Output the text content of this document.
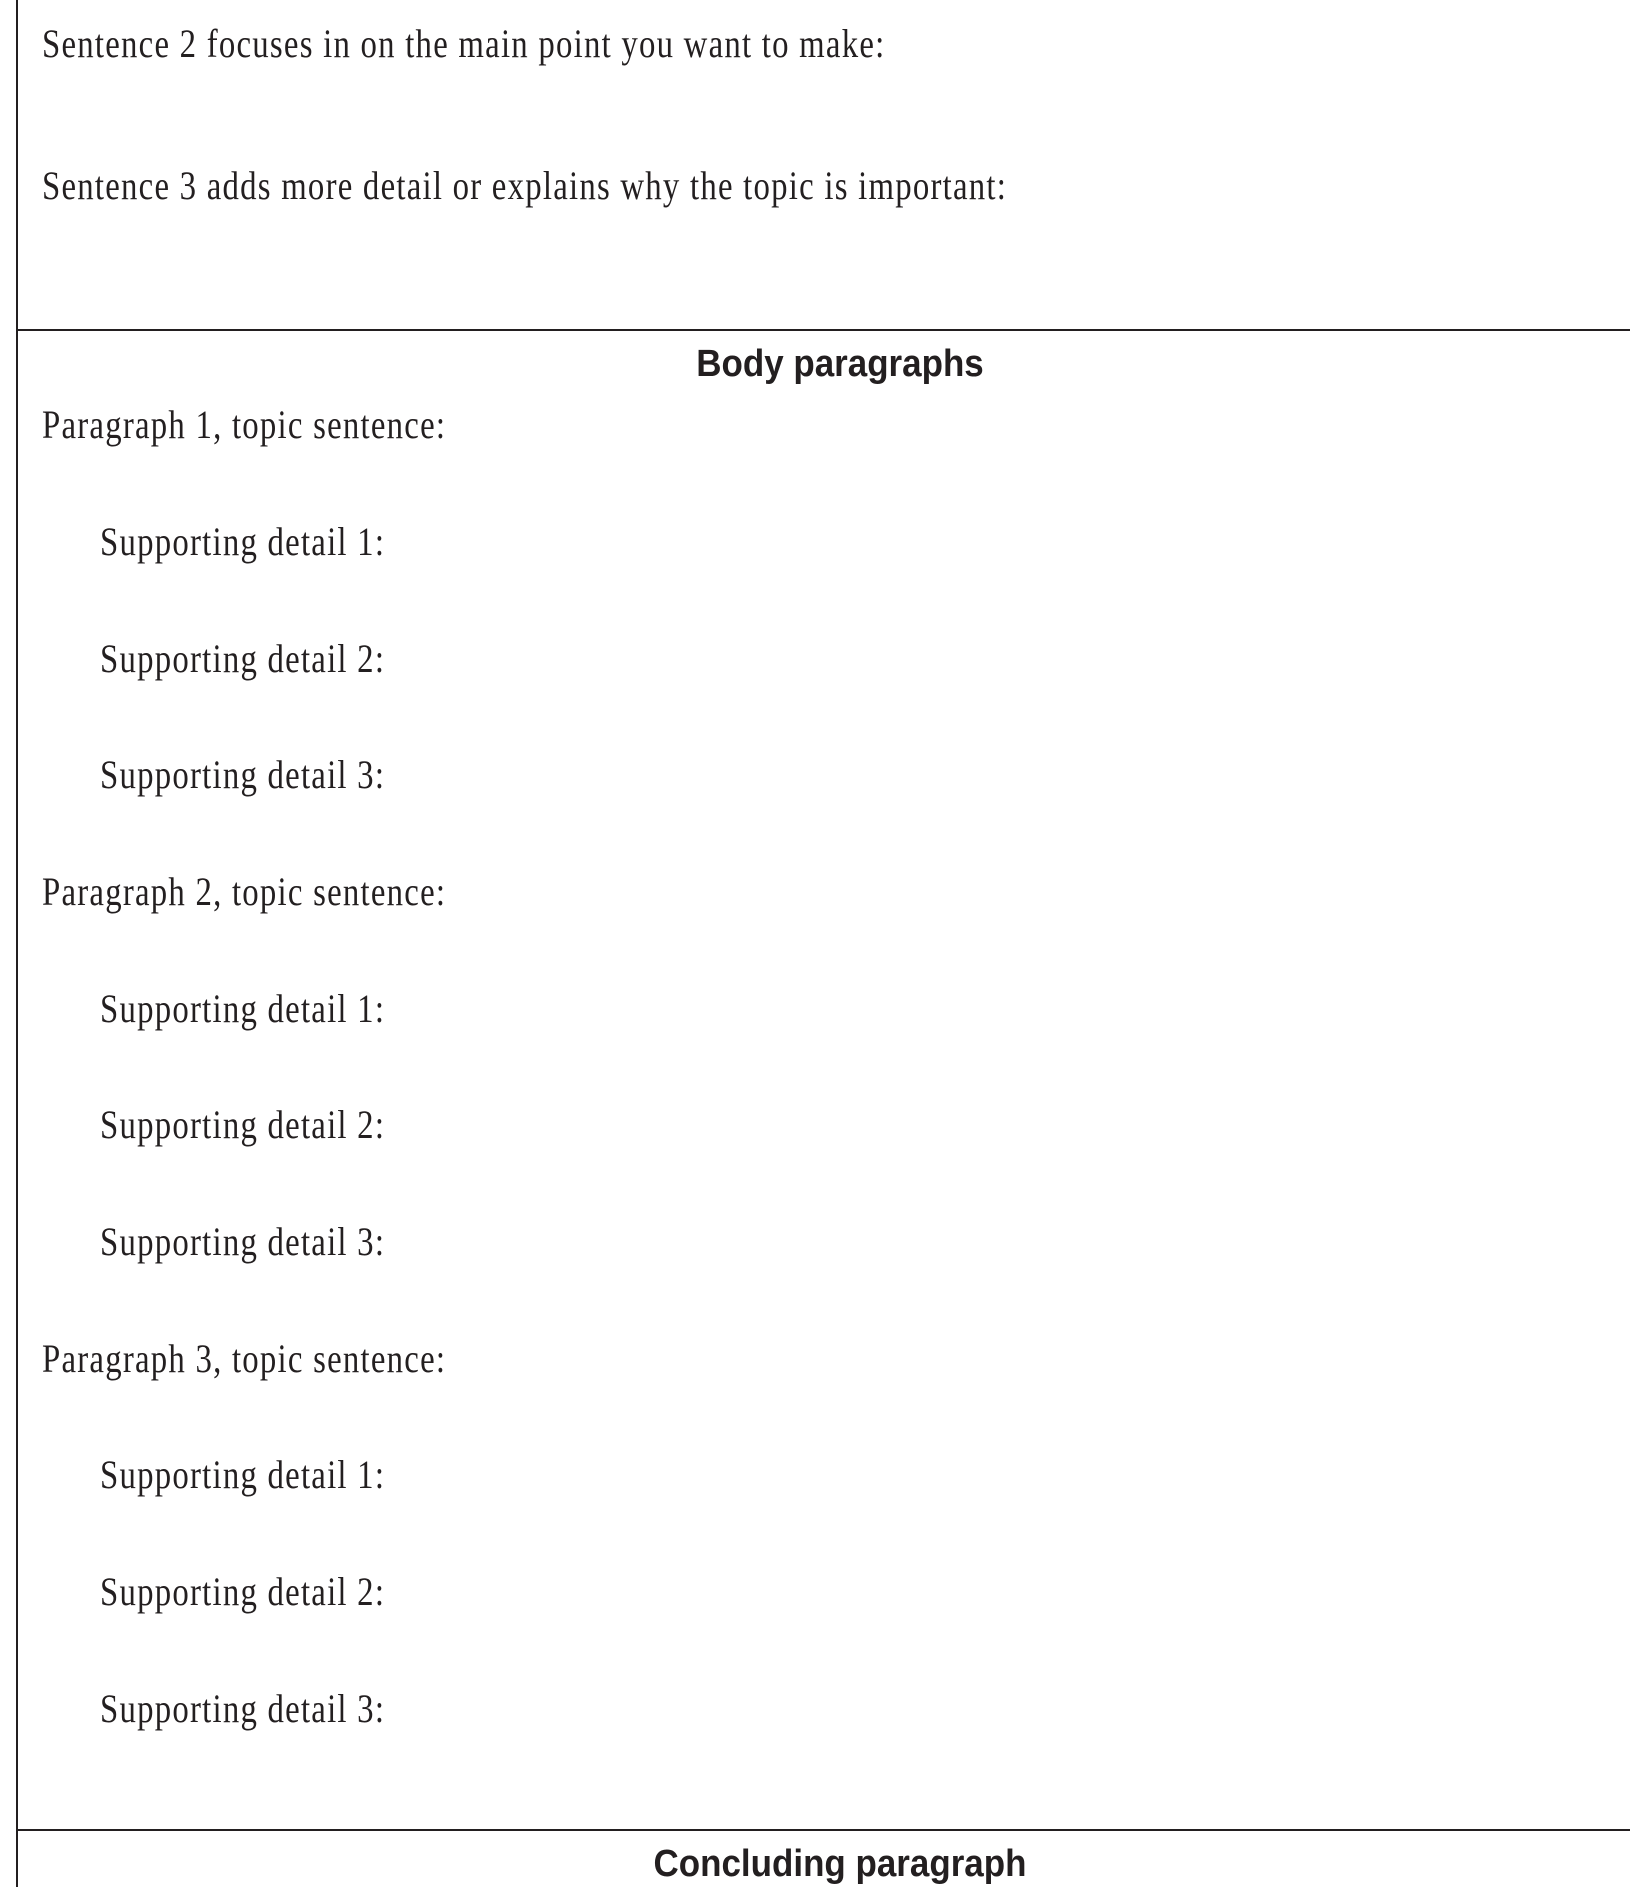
Sentence 2 focuses in on the main point you want to make:
Sentence 3 adds more detail or explains why the topic is important:
Body paragraphs
Paragraph 1, topic sentence:
Supporting detail 1:
Supporting detail 2:
Supporting detail 3:
Paragraph 2, topic sentence:
Supporting detail 1:
Supporting detail 2:
Supporting detail 3:
Paragraph 3, topic sentence:
Supporting detail 1:
Supporting detail 2:
Supporting detail 3:
Concluding paragraph
